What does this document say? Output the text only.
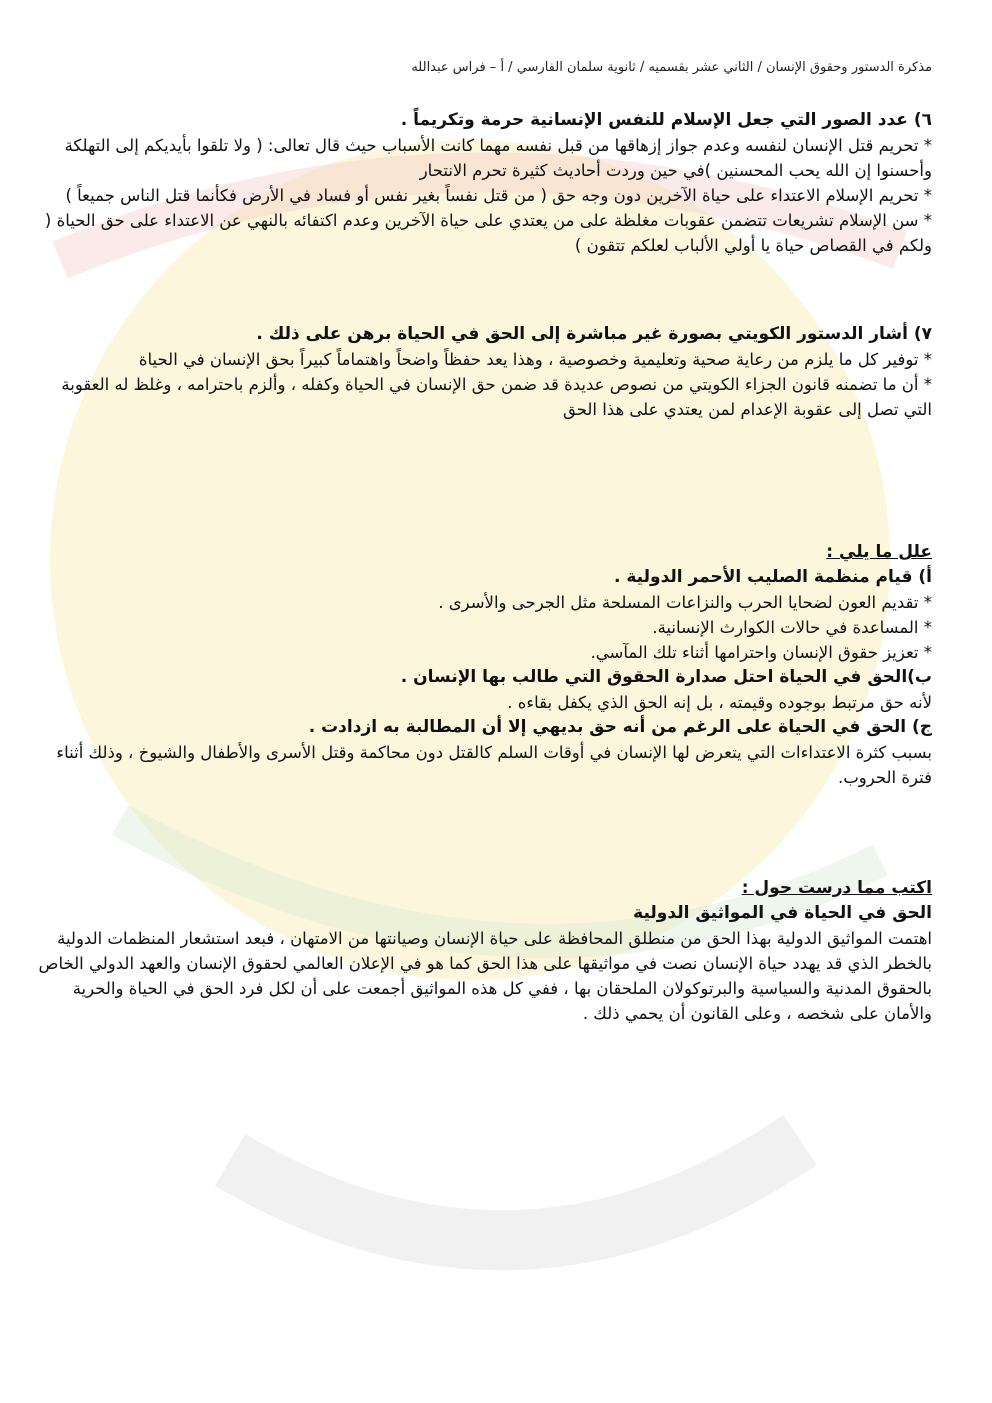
مذكرة الدستور وحقوق الإنسان / الثاني عشر بقسميه / ثانوية سلمان الفارسي / أ – فراس عبدالله

٦) عدد الصور التي جعل الإسلام للنفس الإنسانية حرمة وتكريماً .

* تحريم قتل الإنسان لنفسه وعدم جواز إزهاقها من قبل نفسه مهما كانت الأسباب حيث قال تعالى: ( ولا تلقوا بأيديكم إلى التهلكة وأحسنوا إن الله يحب المحسنين )في حين وردت أحاديث كثيرة تحرم الانتحار

* تحريم الإسلام الاعتداء على حياة الآخرين دون وجه حق ( من قتل نفساً بغير نفس أو فساد في الأرض فكأنما قتل الناس جميعاً )

* سن الإسلام تشريعات تتضمن عقوبات مغلظة على من يعتدي على حياة الآخرين وعدم اكتفائه بالنهي عن الاعتداء على حق الحياة ( ولكم في القصاص حياة يا أولي الألباب لعلكم تتقون )

٧) أشار الدستور الكويتي بصورة غير مباشرة إلى الحق في الحياة برهن على ذلك .

* توفير كل ما يلزم من رعاية صحية وتعليمية وخصوصية ، وهذا يعد حفظاً واضحاً واهتماماً كبيراً بحق الإنسان في الحياة

* أن ما تضمنه قانون الجزاء الكويتي من نصوص عديدة قد ضمن حق الإنسان في الحياة وكفله ، وألزم باحترامه ، وغلظ له العقوبة التي تصل إلى عقوبة الإعدام لمن يعتدي على هذا الحق

علل ما يلي :

أ) قيام منظمة الصليب الأحمر الدولية .

* تقديم العون لضحايا الحرب والنزاعات المسلحة مثل الجرحى والأسرى .

* المساعدة في حالات الكوارث الإنسانية.

* تعزيز حقوق الإنسان واحترامها أثناء تلك المآسي.

ب)الحق في الحياة احتل صدارة الحقوق التي طالب بها الإنسان .

لأنه حق مرتبط بوجوده وقيمته ، بل إنه الحق الذي يكفل بقاءه .

ج) الحق في الحياة على الرغم من أنه حق بديهي إلا أن المطالبة به ازدادت .

بسبب كثرة الاعتداءات التي يتعرض لها الإنسان في أوقات السلم كالقتل دون محاكمة وقتل الأسرى والأطفال والشيوخ ، وذلك أثناء فترة الحروب.

اكتب مما درست حول :

الحق في الحياة في المواثيق الدولية

اهتمت المواثيق الدولية بهذا الحق من منطلق المحافظة على حياة الإنسان وصيانتها من الامتهان ، فبعد استشعار المنظمات الدولية بالخطر الذي قد يهدد حياة الإنسان نصت في مواثيقها على هذا الحق كما هو في الإعلان العالمي لحقوق الإنسان والعهد الدولي الخاص بالحقوق المدنية والسياسية والبرتوكولان الملحقان بها ، ففي كل هذه المواثيق أجمعت على أن لكل فرد الحق في الحياة والحرية والأمان على شخصه ، وعلى القانون أن يحمي ذلك .
